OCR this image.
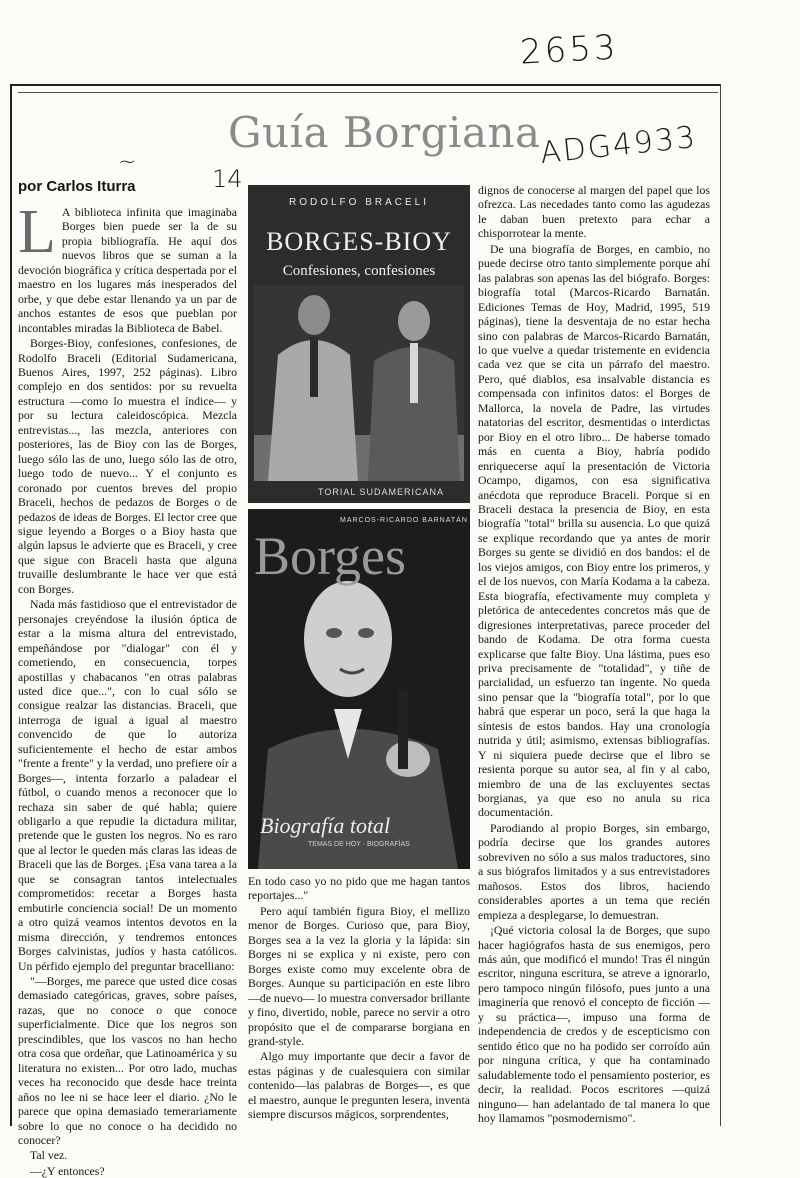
2653
ADG4933
14
~
Guía Borgiana
por Carlos Iturra

L A biblioteca infinita que imaginaba Borges bien puede ser la de su propia bibliografía. He aquí dos nuevos libros que se suman a la devoción biográfica y crítica despertada por el maestro en los lugares más inesperados del orbe, y que debe estar llenando ya un par de anchos estantes de esos que pueblan por incontables miradas la Biblioteca de Babel.

Borges-Bioy, confesiones, confesiones, de Rodolfo Braceli (Editorial Sudamericana, Buenos Aires, 1997, 252 páginas). Libro complejo en dos sentidos: por su revuelta estructura —como lo muestra el índice— y por su lectura caleidoscópica. Mezcla entrevistas..., las mezcla, anteriores con posteriores, las de Bioy con las de Borges, luego sólo las de uno, luego sólo las de otro, luego todo de nuevo... Y el conjunto es coronado por cuentos breves del propio Braceli, hechos de pedazos de Borges o de pedazos de ideas de Borges. El lector cree que sigue leyendo a Borges o a Bioy hasta que algún lapsus le advierte que es Braceli, y cree que sigue con Braceli hasta que alguna truvaille deslumbrante le hace ver que está con Borges.

Nada más fastidioso que el entrevistador de personajes creyéndose la ilusión óptica de estar a la misma altura del entrevistado, empeñándose por "dialogar" con él y cometiendo, en consecuencia, torpes apostillas y chabacanos "en otras palabras usted dice que...", con lo cual sólo se consigue realzar las distancias. Braceli, que interroga de igual a igual al maestro convencido de que lo autoriza suficientemente el hecho de estar ambos "frente a frente" y la verdad, uno prefiere oír a Borges—, intenta forzarlo a paladear el fútbol, o cuando menos a reconocer que lo rechaza sin saber de qué habla; quiere obligarlo a que repudie la dictadura militar, pretende que le gusten los negros. No es raro que al lector le queden más claras las ideas de Braceli que las de Borges. ¡Esa vana tarea a la que se consagran tantos intelectuales comprometidos: recetar a Borges hasta embutirle conciencia social! De un momento a otro quizá veamos intentos devotos en la misma dirección, y tendremos entonces Borges calvinistas, judíos y hasta católicos. Un pérfido ejemplo del preguntar bracelliano:

"—Borges, me parece que usted dice cosas demasiado categóricas, graves, sobre países, razas, que no conoce o que conoce superficialmente. Dice que los negros son prescindibles, que los vascos no han hecho otra cosa que ordeñar, que Latinoamérica y su literatura no existen... Por otro lado, muchas veces ha reconocido que desde hace treinta años no lee ni se hace leer el diario. ¿No le parece que opina demasiado temerariamente sobre lo que no conoce o ha decidido no conocer?

Tal vez.

—¿Y entonces?

RODOLFO BRACELI
BORGES-BIOY
Confesiones, confesiones
TORIAL SUDAMERICANA
MARCOS-RICARDO BARNATÁN
Borges
Biografía total
TEMAS DE HOY · BIOGRAFÍAS

En todo caso yo no pido que me hagan tantos reportajes..."

Pero aquí también figura Bioy, el mellizo menor de Borges. Curioso que, para Bioy, Borges sea a la vez la gloria y la lápida: sin Borges ni se explica y ni existe, pero con Borges existe como muy excelente obra de Borges. Aunque su participación en este libro —de nuevo— lo muestra conversador brillante y fino, divertido, noble, parece no servir a otro propósito que el de compararse borgiana en grand-style.

Algo muy importante que decir a favor de estas páginas y de cualesquiera con similar contenido—las palabras de Borges—, es que el maestro, aunque le pregunten lesera, inventa siempre discursos mágicos, sorprendentes,

dignos de conocerse al margen del papel que los ofrezca. Las necedades tanto como las agudezas le daban buen pretexto para echar a chisporrotear la mente.

De una biografía de Borges, en cambio, no puede decirse otro tanto simplemente porque ahí las palabras son apenas las del biógrafo. Borges: biografía total (Marcos-Ricardo Barnatán. Ediciones Temas de Hoy, Madrid, 1995, 519 páginas), tiene la desventaja de no estar hecha sino con palabras de Marcos-Ricardo Barnatán, lo que vuelve a quedar tristemente en evidencia cada vez que se cita un párrafo del maestro. Pero, qué diablos, esa insalvable distancia es compensada con infinitos datos: el Borges de Mallorca, la novela de Padre, las virtudes natatorias del escritor, desmentidas o interdictas por Bioy en el otro libro... De haberse tomado más en cuenta a Bioy, habría podido enriquecerse aquí la presentación de Victoria Ocampo, digamos, con esa significativa anécdota que reproduce Braceli. Porque si en Braceli destaca la presencia de Bioy, en esta biografía "total" brilla su ausencia. Lo que quizá se explique recordando que ya antes de morir Borges su gente se dividió en dos bandos: el de los viejos amigos, con Bioy entre los primeros, y el de los nuevos, con María Kodama a la cabeza. Esta biografía, efectivamente muy completa y pletórica de antecedentes concretos más que de digresiones interpretativas, parece proceder del bando de Kodama. De otra forma cuesta explicarse que falte Bioy. Una lástima, pues eso priva precisamente de "totalidad", y tiñe de parcialidad, un esfuerzo tan ingente. No queda sino pensar que la "biografía total", por lo que habrá que esperar un poco, será la que haga la síntesis de estos bandos. Hay una cronología nutrida y útil; asimismo, extensas bibliografías. Y ni siquiera puede decirse que el libro se resienta porque su autor sea, al fin y al cabo, miembro de una de las excluyentes sectas borgianas, ya que eso no anula su rica documentación.

Parodiando al propio Borges, sin embargo, podría decirse que los grandes autores sobreviven no sólo a sus malos traductores, sino a sus biógrafos limitados y a sus entrevistadores mañosos. Estos dos libros, haciendo considerables aportes a un tema que recién empieza a desplegarse, lo demuestran.

¡Qué victoria colosal la de Borges, que supo hacer hagiógrafos hasta de sus enemigos, pero más aún, que modificó el mundo! Tras él ningún escritor, ninguna escritura, se atreve a ignorarlo, pero tampoco ningún filósofo, pues junto a una imaginería que renovó el concepto de ficción —y su práctica—, impuso una forma de independencia de credos y de escepticismo con sentido ético que no ha podido ser corroído aún por ninguna crítica, y que ha contaminado saludablemente todo el pensamiento posterior, es decir, la realidad. Pocos escritores —quizá ninguno— han adelantado de tal manera lo que hoy llamamos "posmodernismo".
